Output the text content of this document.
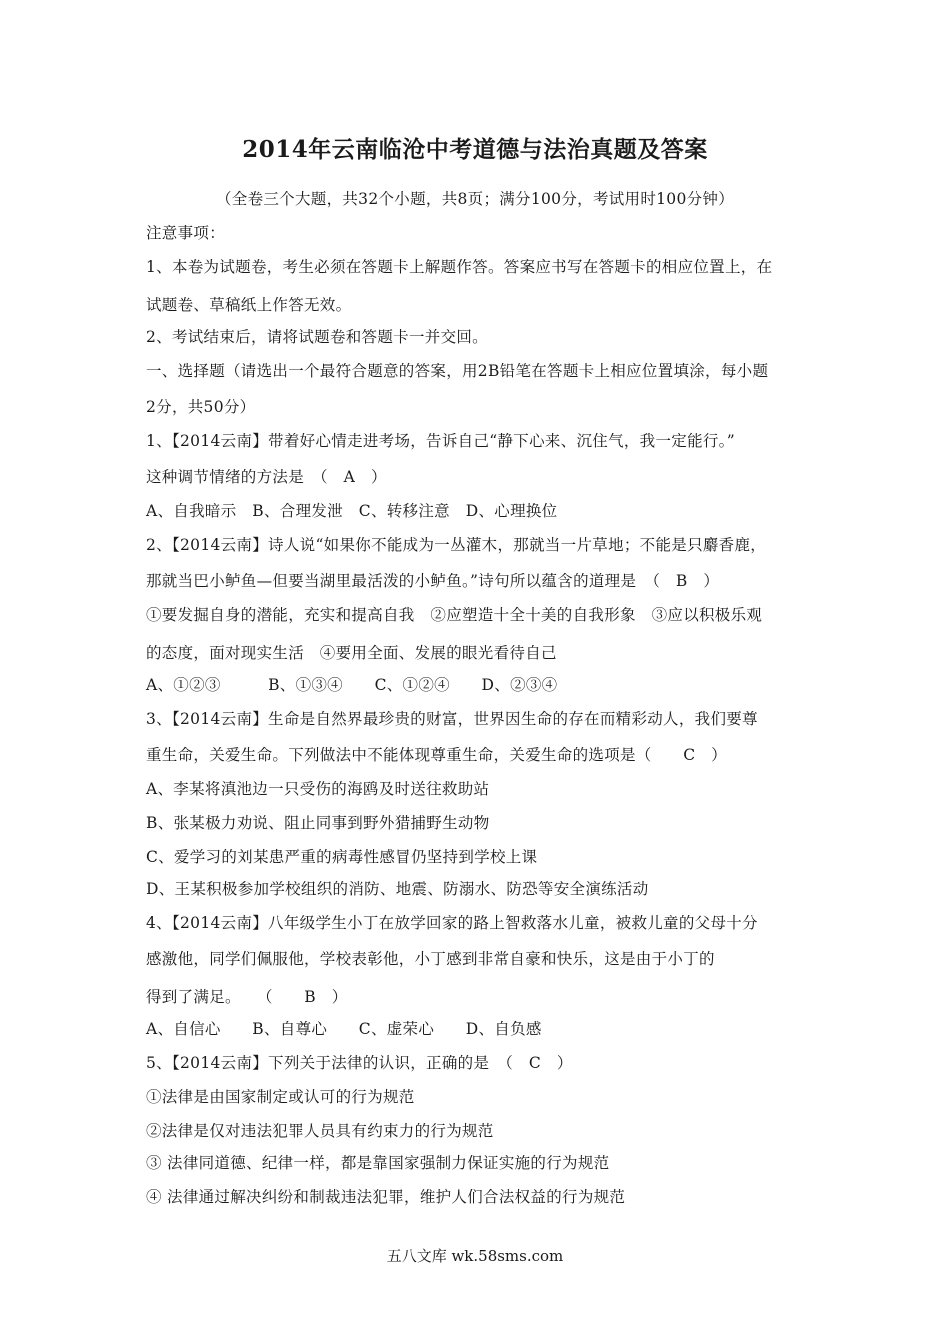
2014年云南临沧中考道德与法治真题及答案
（全卷三个大题，共32个小题，共8页；满分100分，考试用时100分钟）
注意事项：
1、本卷为试题卷，考生必须在答题卡上解题作答。答案应书写在答题卡的相应位置上，在
试题卷、草稿纸上作答无效。
2、考试结束后，请将试题卷和答题卡一并交回。
一、选择题（请选出一个最符合题意的答案，用2B铅笔在答题卡上相应位置填涂，每小题
2分，共50分）
1、【2014云南】带着好心情走进考场，告诉自己“静下心来、沉住气，我一定能行。”
这种调节情绪的方法是　（　A　）
A、自我暗示　B、合理发泄　C、转移注意　D、心理换位
2、【2014云南】诗人说“如果你不能成为一丛灌木，那就当一片草地；不能是只麝香鹿，
那就当巴小鲈鱼—但要当湖里最活泼的小鲈鱼。”诗句所以蕴含的道理是　（　B　）
①要发掘自身的潜能，充实和提高自我　②应塑造十全十美的自我形象　③应以积极乐观
的态度，面对现实生活　④要用全面、发展的眼光看待自己
A、①②③　　　B、①③④　　C、①②④　　D、②③④
3、【2014云南】生命是自然界最珍贵的财富，世界因生命的存在而精彩动人，我们要尊
重生命，关爱生命。下列做法中不能体现尊重生命，关爱生命的选项是（　　C　）
A、李某将滇池边一只受伤的海鸥及时送往救助站
B、张某极力劝说、阻止同事到野外猎捕野生动物
C、爱学习的刘某患严重的病毒性感冒仍坚持到学校上课
D、王某积极参加学校组织的消防、地震、防溺水、防恐等安全演练活动
4、【2014云南】八年级学生小丁在放学回家的路上智救落水儿童，被救儿童的父母十分
感激他，同学们佩服他，学校表彰他，小丁感到非常自豪和快乐，这是由于小丁的
得到了满足。　　（　　B　）
A、自信心　　B、自尊心　　C、虚荣心　　D、自负感
5、【2014云南】下列关于法律的认识，正确的是　（　C　）
①法律是由国家制定或认可的行为规范
②法律是仅对违法犯罪人员具有约束力的行为规范
③ 法律同道德、纪律一样，都是靠国家强制力保证实施的行为规范
④ 法律通过解决纠纷和制裁违法犯罪，维护人们合法权益的行为规范
五八文库 wk.58sms.com
